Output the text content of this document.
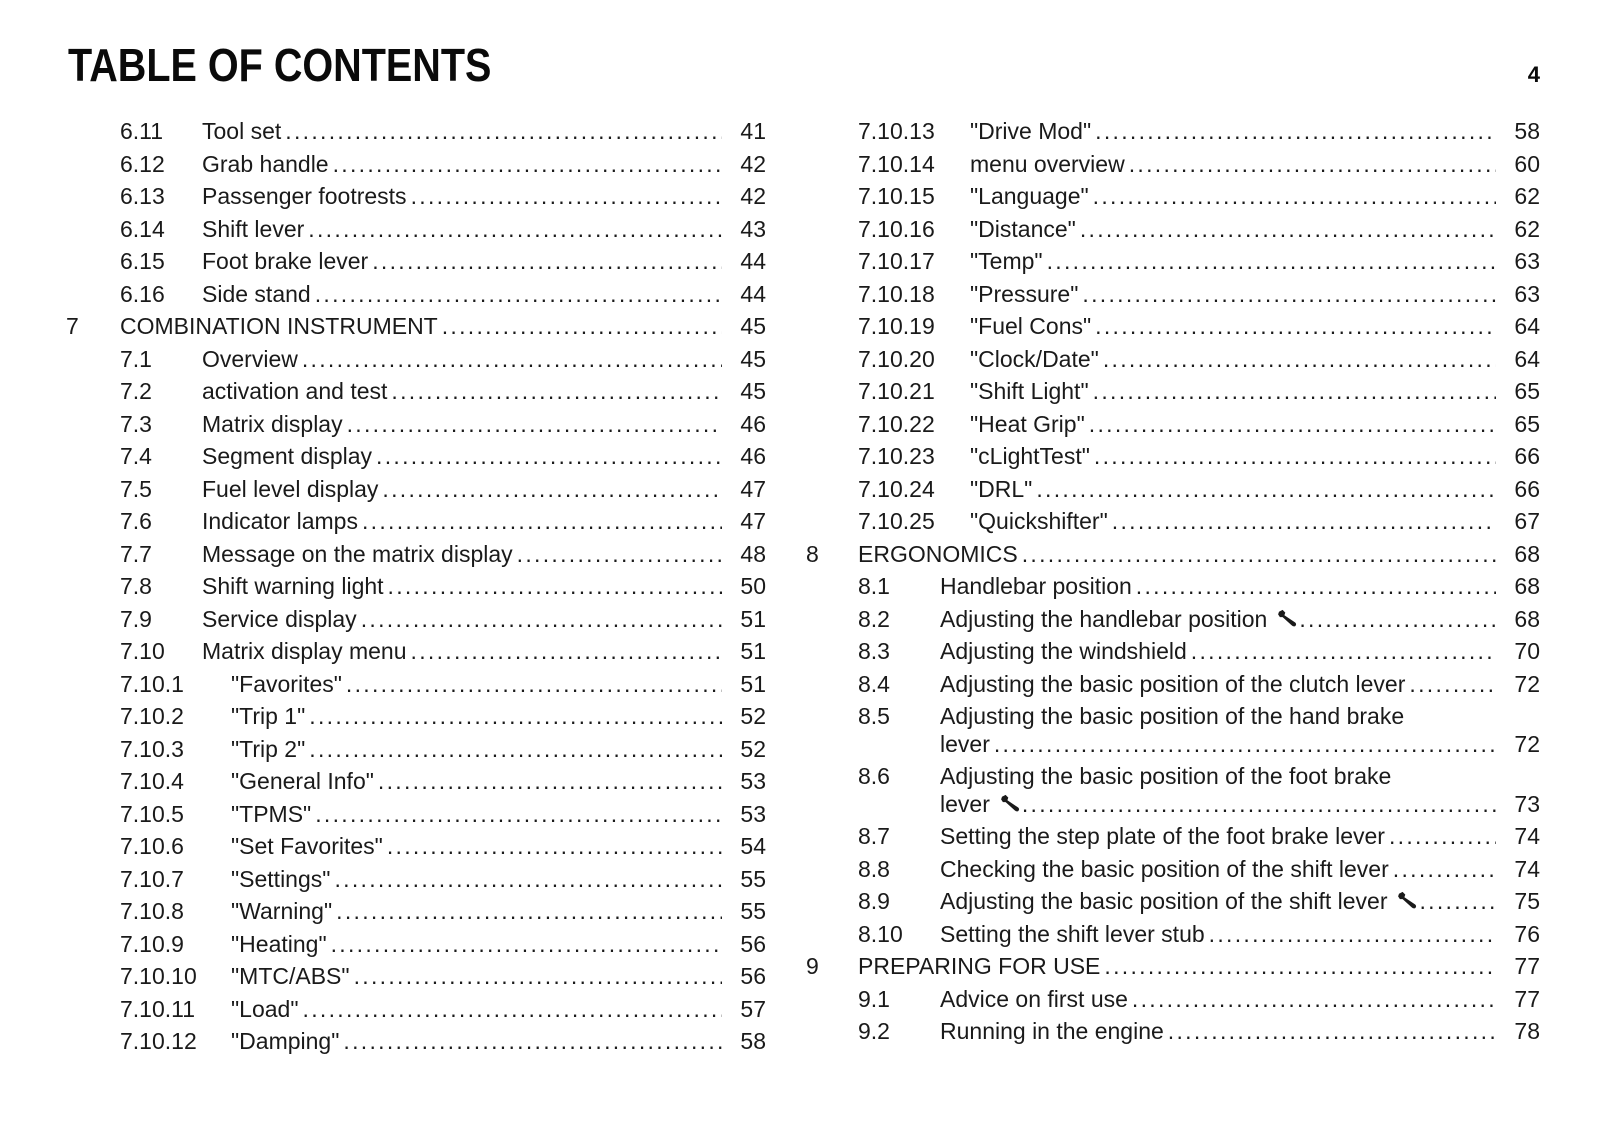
TABLE OF CONTENTS	4
6.11 Tool set .....	41
6.12 Grab handle .....	42
6.13 Passenger footrests .....	42
6.14 Shift lever .....	43
6.15 Foot brake lever .....	44
6.16 Side stand .....	44
7 COMBINATION INSTRUMENT .....	45
7.1 Overview .....	45
7.2 activation and test .....	45
7.3 Matrix display .....	46
7.4 Segment display .....	46
7.5 Fuel level display .....	47
7.6 Indicator lamps .....	47
7.7 Message on the matrix display .....	48
7.8 Shift warning light .....	50
7.9 Service display .....	51
7.10 Matrix display menu .....	51
7.10.1 "Favorites" .....	51
7.10.2 "Trip 1" .....	52
7.10.3 "Trip 2" .....	52
7.10.4 "General Info" .....	53
7.10.5 "TPMS" .....	53
7.10.6 "Set Favorites" .....	54
7.10.7 "Settings" .....	55
7.10.8 "Warning" .....	55
7.10.9 "Heating" .....	56
7.10.10 "MTC/ABS" .....	56
7.10.11 "Load" .....	57
7.10.12 "Damping" .....	58
7.10.13 "Drive Mod" .....	58
7.10.14 menu overview .....	60
7.10.15 "Language" .....	62
7.10.16 "Distance" .....	62
7.10.17 "Temp" .....	63
7.10.18 "Pressure" .....	63
7.10.19 "Fuel Cons" .....	64
7.10.20 "Clock/Date" .....	64
7.10.21 "Shift Light" .....	65
7.10.22 "Heat Grip" .....	65
7.10.23 "cLightTest" .....	66
7.10.24 "DRL" .....	66
7.10.25 "Quickshifter" .....	67
8 ERGONOMICS .....	68
8.1 Handlebar position .....	68
8.2 Adjusting the handlebar position .....	68
8.3 Adjusting the windshield .....	70
8.4 Adjusting the basic position of the clutch lever .....	72
8.5 Adjusting the basic position of the hand brake
lever .....	72
8.6 Adjusting the basic position of the foot brake
lever .....	73
8.7 Setting the step plate of the foot brake lever .....	74
8.8 Checking the basic position of the shift lever .....	74
8.9 Adjusting the basic position of the shift lever .....	75
8.10 Setting the shift lever stub .....	76
9 PREPARING FOR USE .....	77
9.1 Advice on first use .....	77
9.2 Running in the engine .....	78
